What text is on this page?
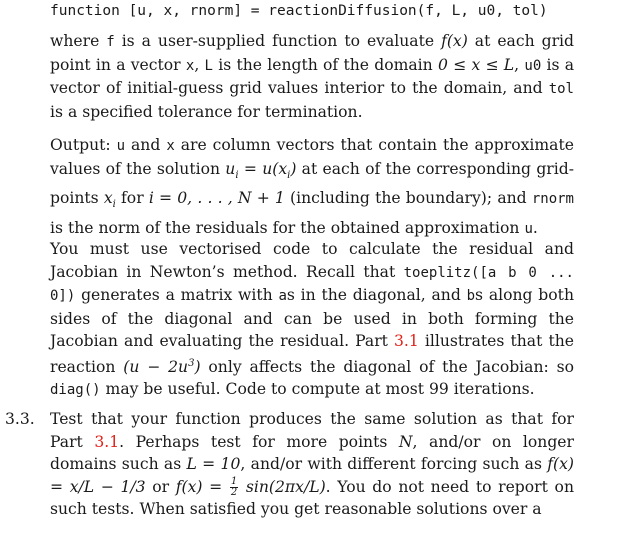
function [u, x, rnorm] = reactionDiffusion(f, L, u0, tol)

where f is a user-supplied function to evaluate f(x) at each grid point in a vector x, L is the length of the domain 0 ≤ x ≤ L, u0 is a vector of initial-guess grid values interior to the domain, and tol is a specified tolerance for termination.

Output: u and x are column vectors that contain the approximate values of the solution $u_i = u(x_i)$ at each of the corresponding grid-points $x_i$ for i = 0, . . . , N + 1 (including the boundary); and rnorm is the norm of the residuals for the obtained approximation u.

You must use vectorised code to calculate the residual and Jacobian in Newton’s method. Recall that toeplitz([a b 0 ... 0]) generates a matrix with as in the diagonal, and bs along both sides of the diagonal and can be used in both forming the Jacobian and evaluating the residual. Part 3.1 illustrates that the reaction $(u - 2u^3)$ only affects the diagonal of the Jacobian: so diag() may be useful. Code to compute at most 99 iterations.

3.3. Test that your function produces the same solution as that for Part 3.1. Perhaps test for more points N, and/or on longer domains such as L = 10, and/or with different forcing such as f(x) = x/L − 1/3 or $f(x) = \frac{1}{2} \sin(2\pi x/L)$. You do not need to report on such tests. When satisfied you get reasonable solutions over a
